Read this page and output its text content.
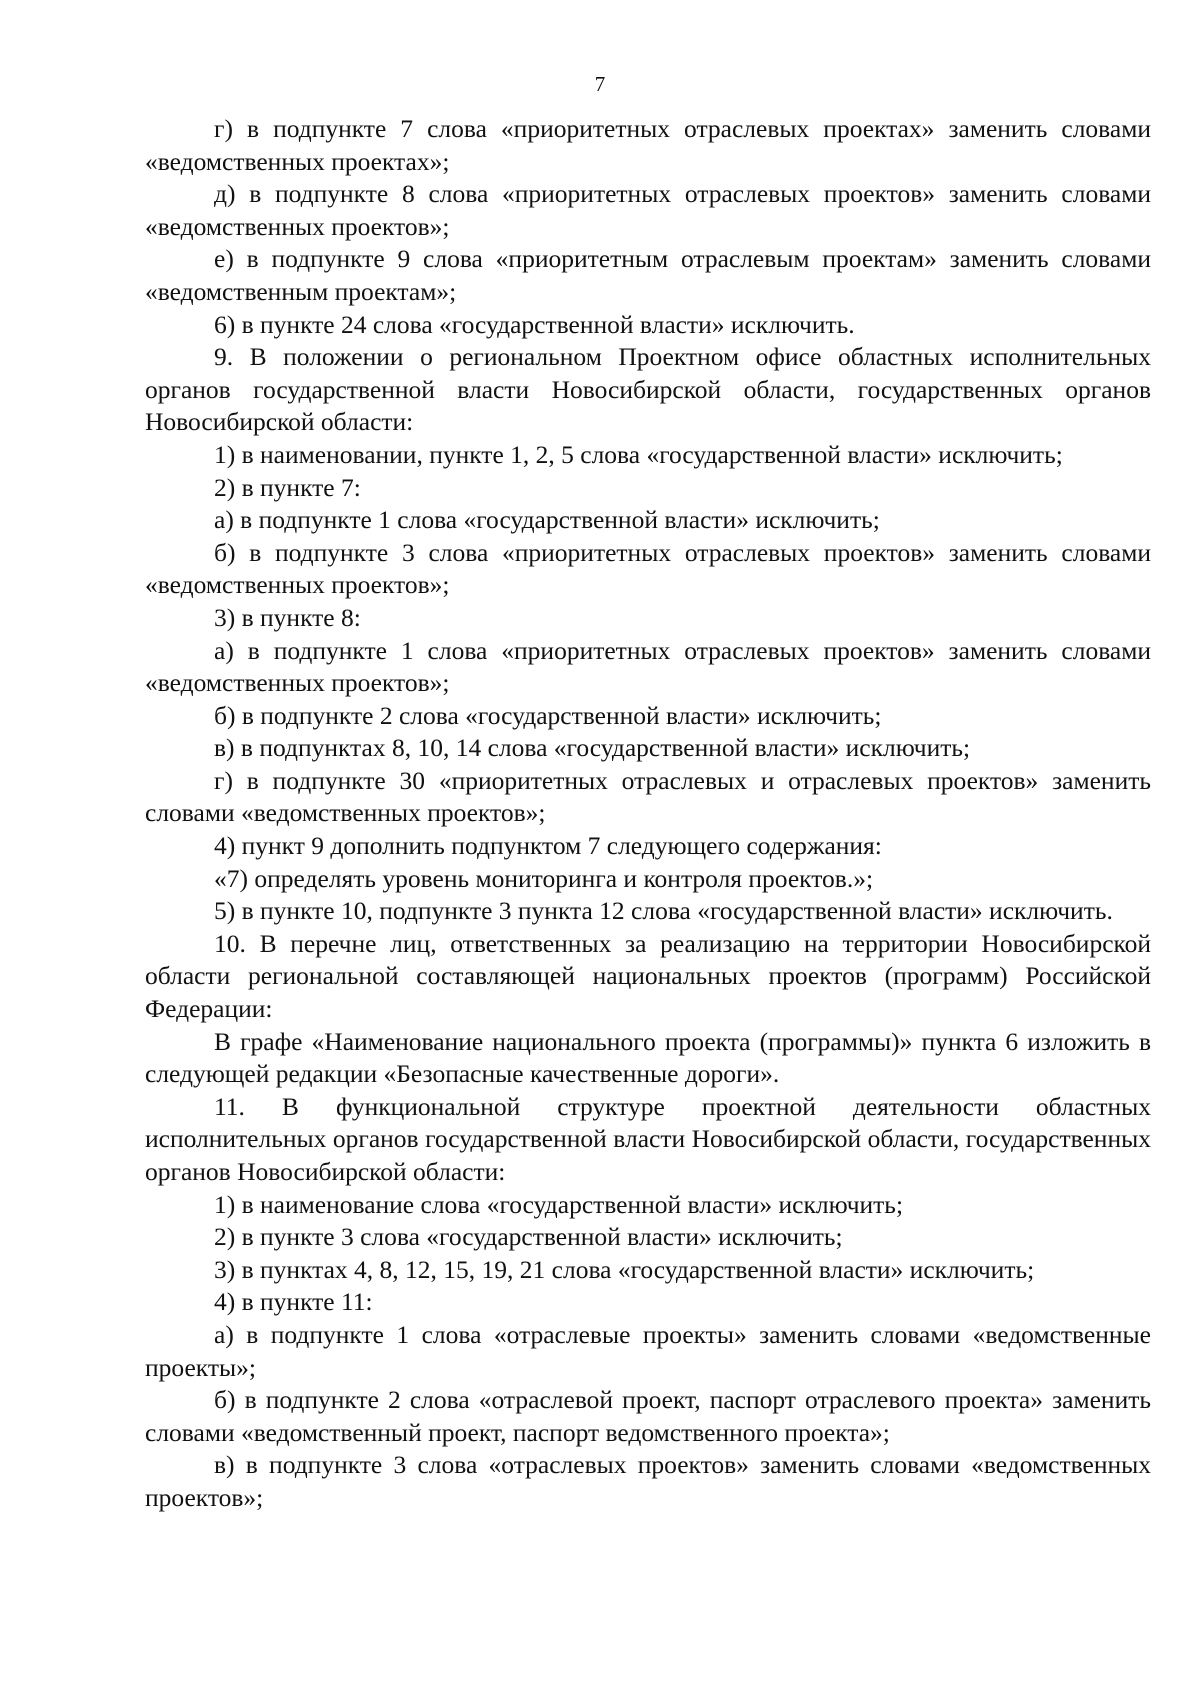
7

г) в подпункте 7 слова «приоритетных отраслевых проектах» заменить словами «ведомственных проектах»;

д) в подпункте 8 слова «приоритетных отраслевых проектов» заменить словами «ведомственных проектов»;

е) в подпункте 9 слова «приоритетным отраслевым проектам» заменить словами «ведомственным проектам»;

6) в пункте 24 слова «государственной власти» исключить.

9. В положении о региональном Проектном офисе областных исполнительных органов государственной власти Новосибирской области, государственных органов Новосибирской области:

1) в наименовании, пункте 1, 2, 5 слова «государственной власти» исключить;

2) в пункте 7:

а) в подпункте 1 слова «государственной власти» исключить;

б) в подпункте 3 слова «приоритетных отраслевых проектов» заменить словами «ведомственных проектов»;

3) в пункте 8:

а) в подпункте 1 слова «приоритетных отраслевых проектов» заменить словами «ведомственных проектов»;

б) в подпункте 2 слова «государственной власти» исключить;

в) в подпунктах 8, 10, 14 слова «государственной власти» исключить;

г) в подпункте 30 «приоритетных отраслевых и отраслевых проектов» заменить словами «ведомственных проектов»;

4) пункт 9 дополнить подпунктом 7 следующего содержания:

«7) определять уровень мониторинга и контроля проектов.»;

5) в пункте 10, подпункте 3 пункта 12 слова «государственной власти» исключить.

10. В перечне лиц, ответственных за реализацию на территории Новосибирской области региональной составляющей национальных проектов (программ) Российской Федерации:

В графе «Наименование национального проекта (программы)» пункта 6 изложить в следующей редакции «Безопасные качественные дороги».

11. В функциональной структуре проектной деятельности областных исполнительных органов государственной власти Новосибирской области, государственных органов Новосибирской области:

1) в наименование слова «государственной власти» исключить;

2) в пункте 3 слова «государственной власти» исключить;

3) в пунктах 4, 8, 12, 15, 19, 21 слова «государственной власти» исключить;

4) в пункте 11:

а) в подпункте 1 слова «отраслевые проекты» заменить словами «ведомственные проекты»;

б) в подпункте 2 слова «отраслевой проект, паспорт отраслевого проекта» заменить словами «ведомственный проект, паспорт ведомственного проекта»;

в) в подпункте 3 слова «отраслевых проектов» заменить словами «ведомственных проектов»;
